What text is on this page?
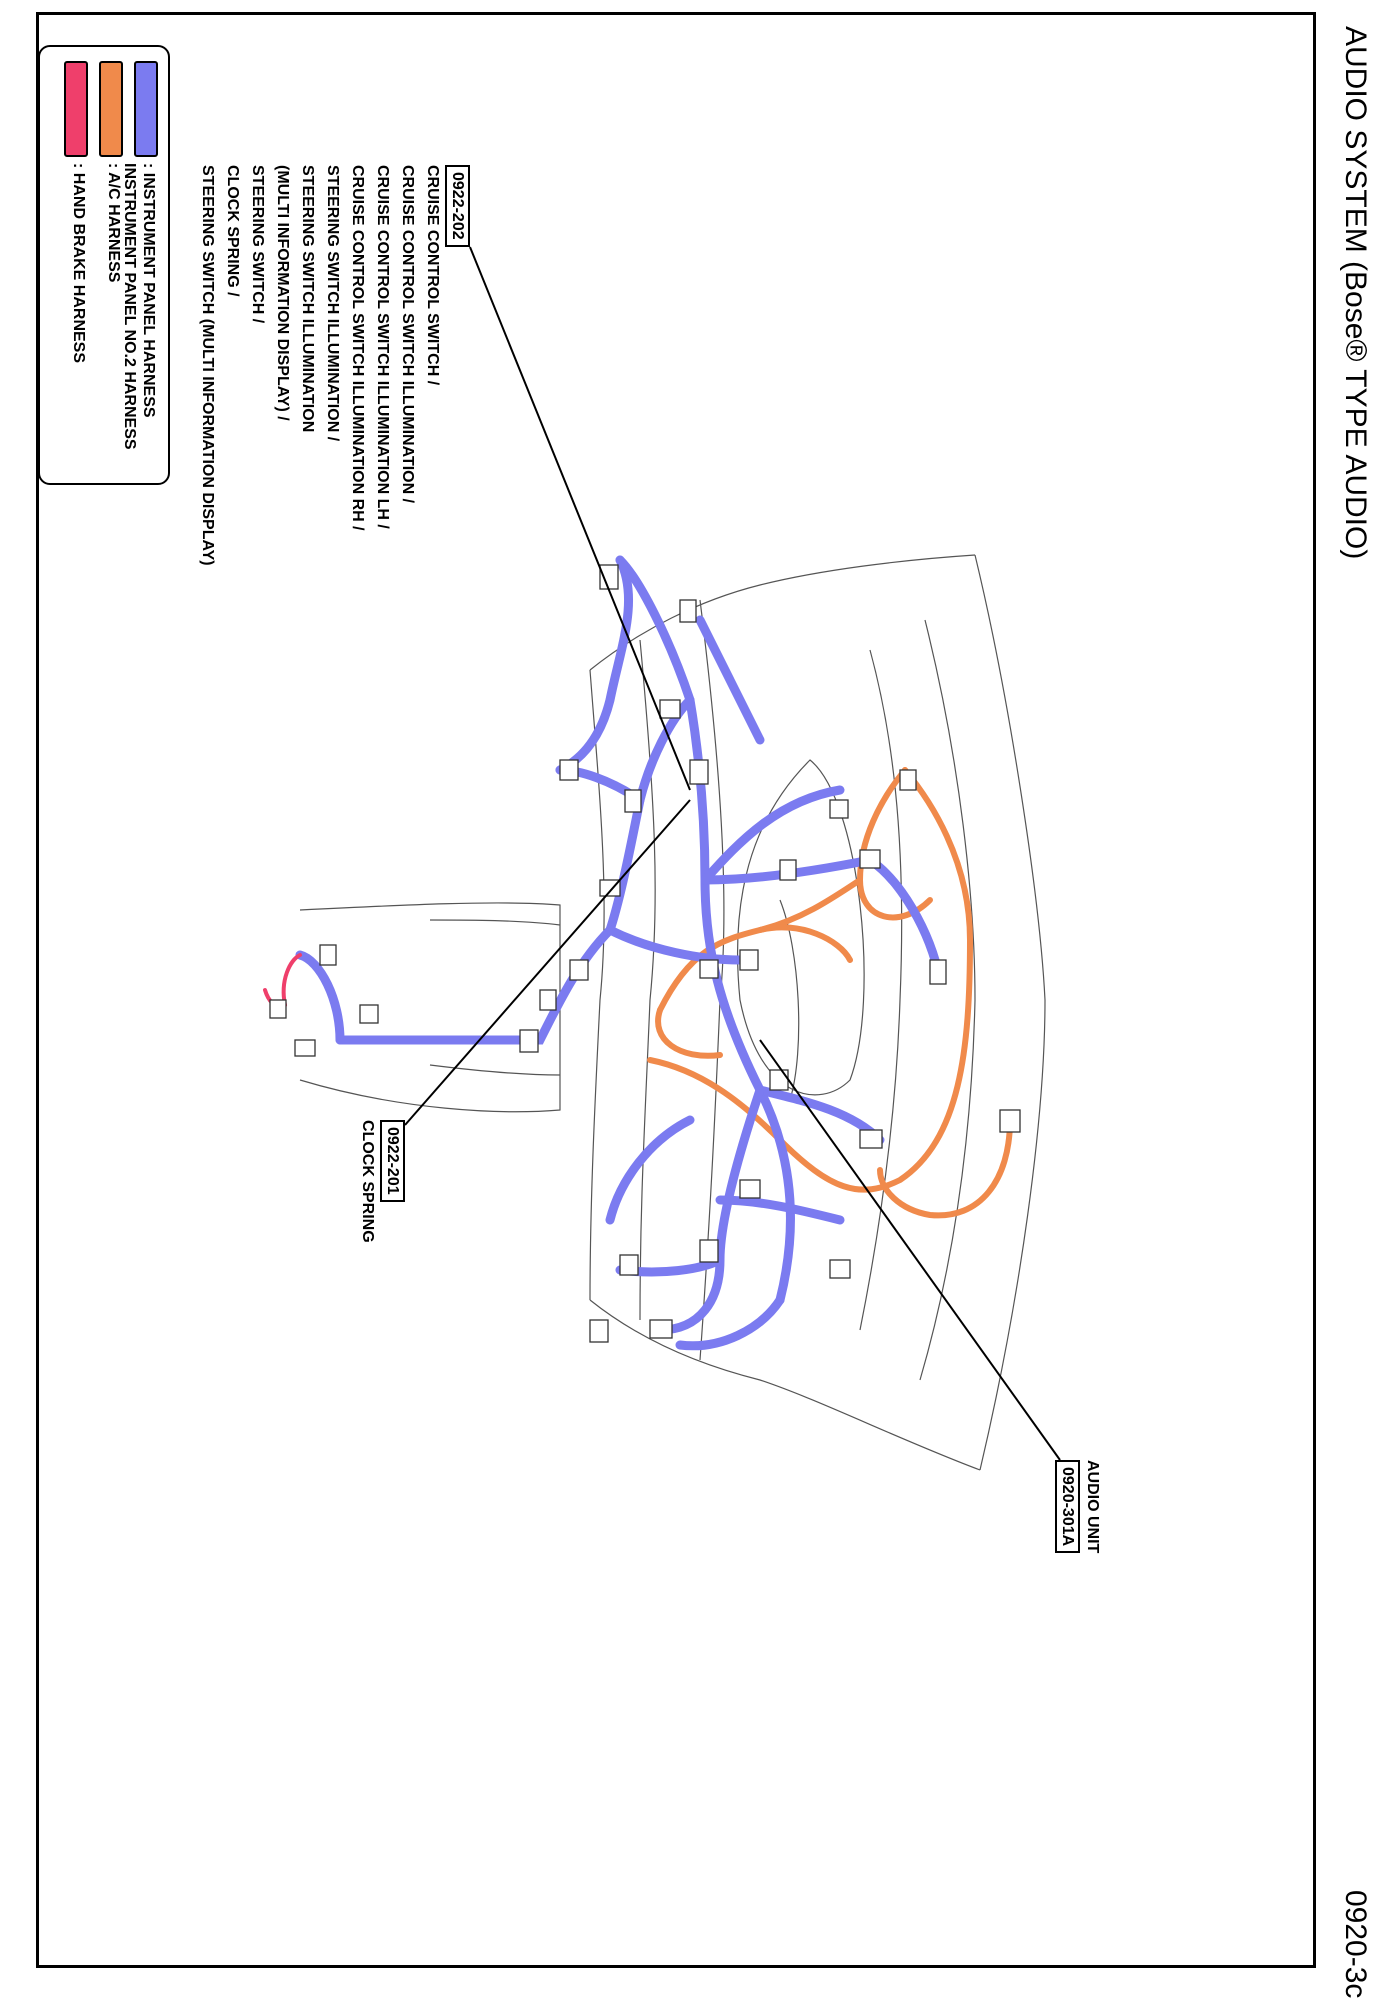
AUDIO SYSTEM (Bose® TYPE AUDIO)
0920-3c
0922-202
CRUISE CONTROL SWITCH /
CRUISE CONTROL SWITCH ILLUMINATION /
CRUISE CONTROL SWITCH ILLUMINATION LH /
CRUISE CONTROL SWITCH ILLUMINATION RH /
STEERING SWITCH ILLUMINATION /
STEERING SWITCH ILLUMINATION
(MULTI INFORMATION DISPLAY) /
STEERING SWITCH /
CLOCK SPRING /
STEERING SWITCH (MULTI INFORMATION DISPLAY)
0922-201
CLOCK SPRING
AUDIO UNIT
0920-301A
: INSTRUMENT PANEL HARNESS
INSTRUMENT PANEL NO.2 HARNESS
: A/C HARNESS
: HAND BRAKE HARNESS
